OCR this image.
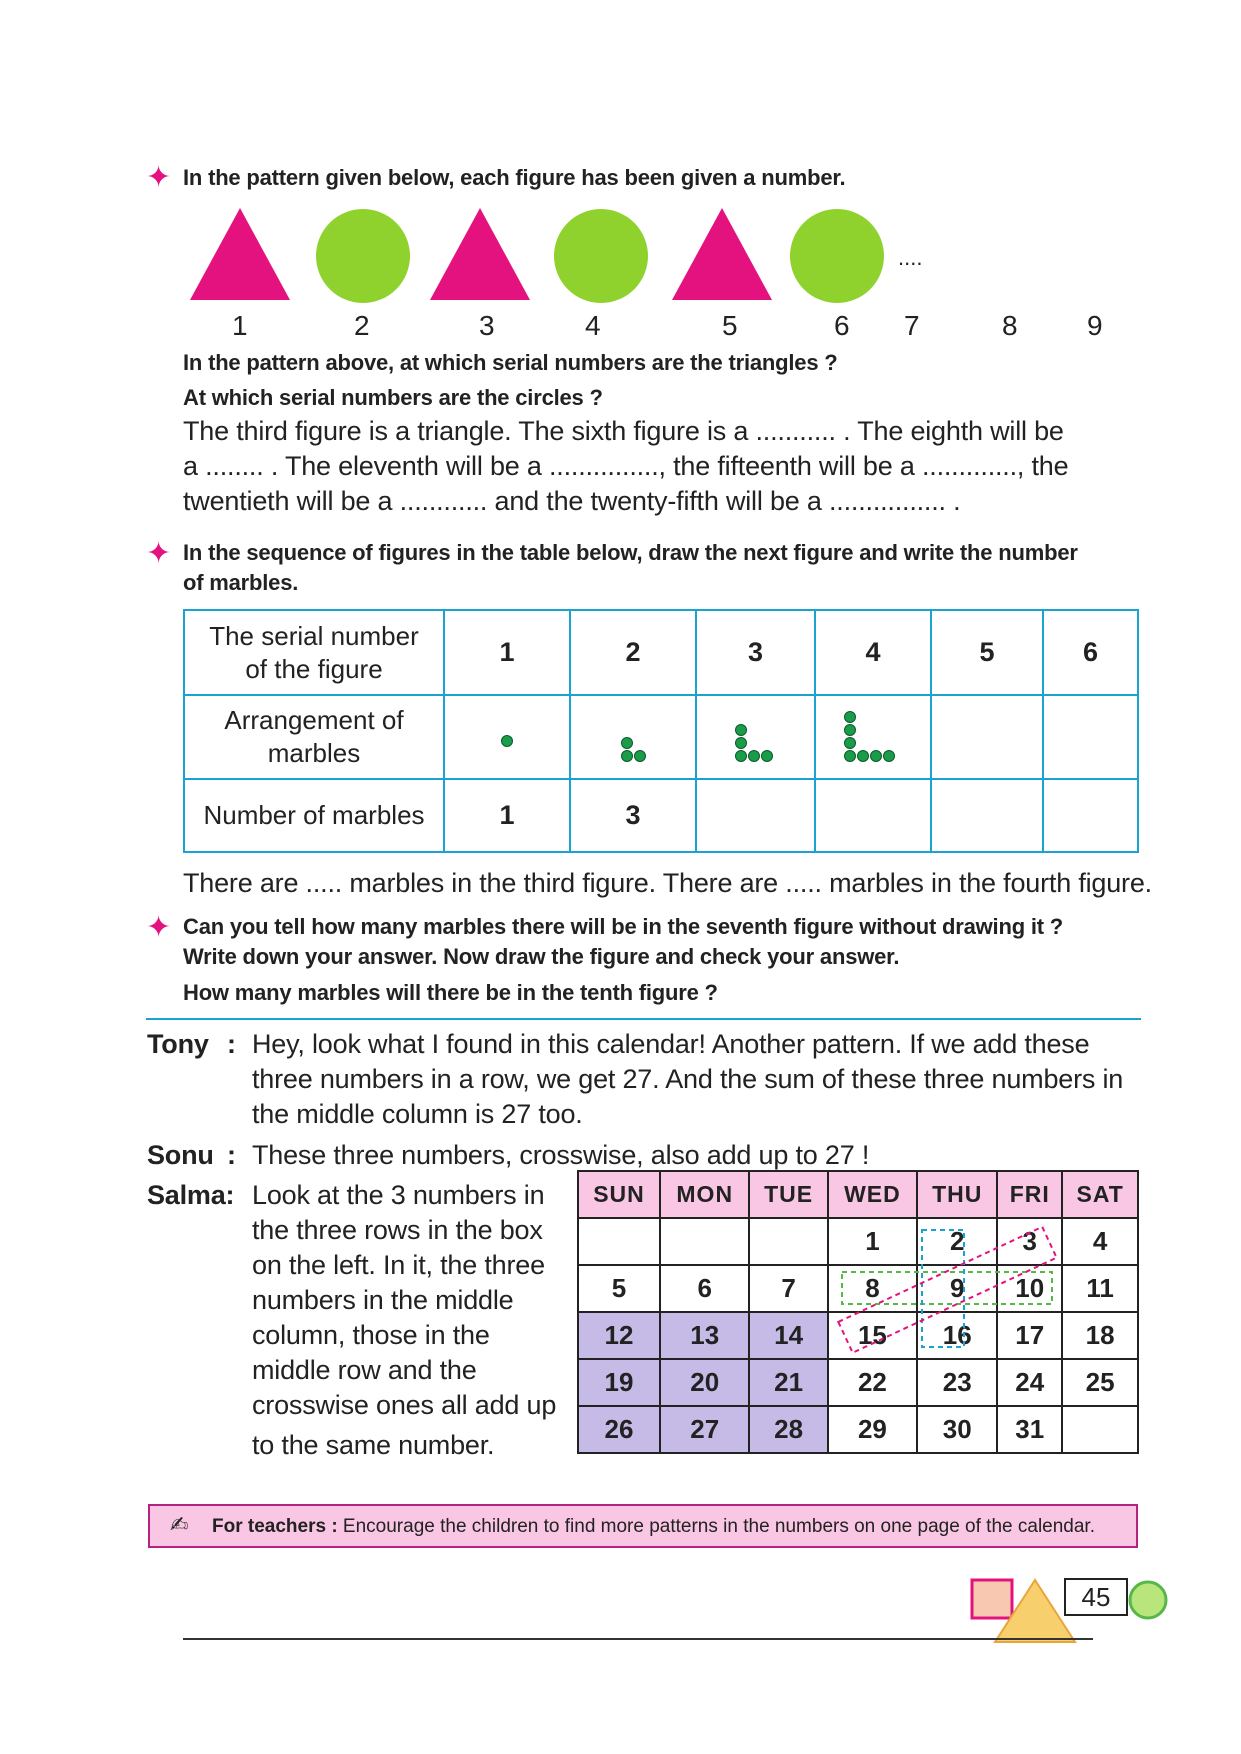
✦ In the pattern given below, each figure has been given a number.
....
1	2	3	4	5	6 7	8 9
In the pattern above, at which serial numbers are the triangles ?
At which serial numbers are the circles ?
The third figure is a triangle. The sixth figure is a ........... . The eighth will be
a ........ . The eleventh will be a ..............., the fifteenth will be a ............., the
twentieth will be a ............ and the twenty-fifth will be a ................ .
✦ In the sequence of figures in the table below, draw the next figure and write the number
of marbles.
The serial number
of the figure	1	2	3	4	5	6

Arrangement of
marbles

Number of marbles	1	3				
There are ..... marbles in the third figure. There are ..... marbles in the fourth figure.
✦ Can you tell how many marbles there will be in the seventh figure without drawing it ?
Write down your answer. Now draw the figure and check your answer.
How many marbles will there be in the tenth figure ?
Tony : Hey, look what I found in this calendar! Another pattern. If we add these
three numbers in a row, we get 27. And the sum of these three numbers in
the middle column is 27 too.
Sonu : These three numbers, crosswise, also add up to 27 !
Salma: Look at the 3 numbers in
the three rows in the box
on the left. In it, the three
numbers in the middle
column, those in the
middle row and the
crosswise ones all add up
to the same number.
SUN	MON	TUE	WED	THU	FRI	SAT
			1	2	3	4
5	6	7	8	9	10	11
12	13	14	15	16	17	18
19	20	21	22	23	24	25
26	27	28	29	30	31	
✍ For teachers : Encourage the children to find more patterns in the numbers on one page of the calendar.
45
